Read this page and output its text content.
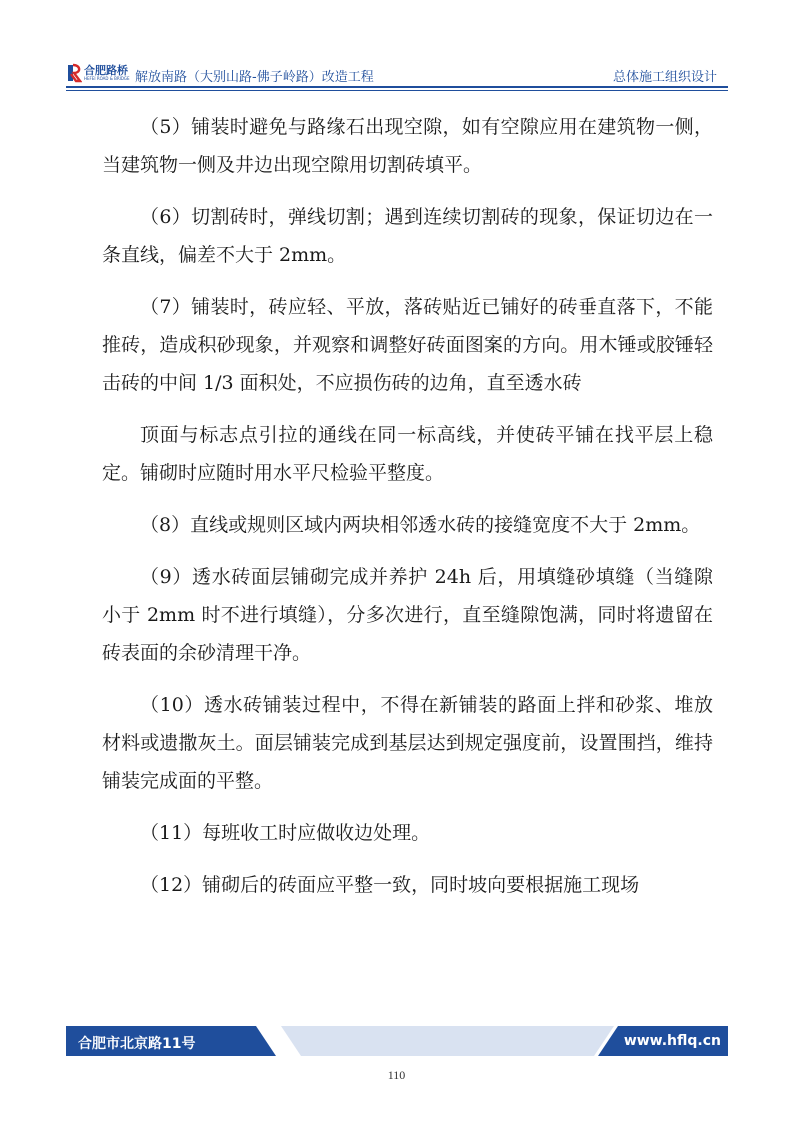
合肥路桥
HEFEI ROAD & BRIDGE 解放南路（大别山路-佛子岭路）改造工程	总体施工组织设计

（5）铺装时避免与路缘石出现空隙，如有空隙应用在建筑物一侧，当建筑物一侧及井边出现空隙用切割砖填平。

（6）切割砖时，弹线切割；遇到连续切割砖的现象，保证切边在一条直线，偏差不大于 2mm。

（7）铺装时，砖应轻、平放，落砖贴近已铺好的砖垂直落下，不能推砖，造成积砂现象，并观察和调整好砖面图案的方向。用木锤或胶锤轻击砖的中间 1/3 面积处，不应损伤砖的边角，直至透水砖

顶面与标志点引拉的通线在同一标高线，并使砖平铺在找平层上稳定。铺砌时应随时用水平尺检验平整度。

（8）直线或规则区域内两块相邻透水砖的接缝宽度不大于 2mm。

（9）透水砖面层铺砌完成并养护 24h 后，用填缝砂填缝（当缝隙小于 2mm 时不进行填缝），分多次进行，直至缝隙饱满，同时将遗留在砖表面的余砂清理干净。

（10）透水砖铺装过程中，不得在新铺装的路面上拌和砂浆、堆放材料或遗撒灰土。面层铺装完成到基层达到规定强度前，设置围挡，维持铺装完成面的平整。

（11）每班收工时应做收边处理。

（12）铺砌后的砖面应平整一致，同时坡向要根据施工现场

合肥市北京路11号	www.hflq.cn
110
